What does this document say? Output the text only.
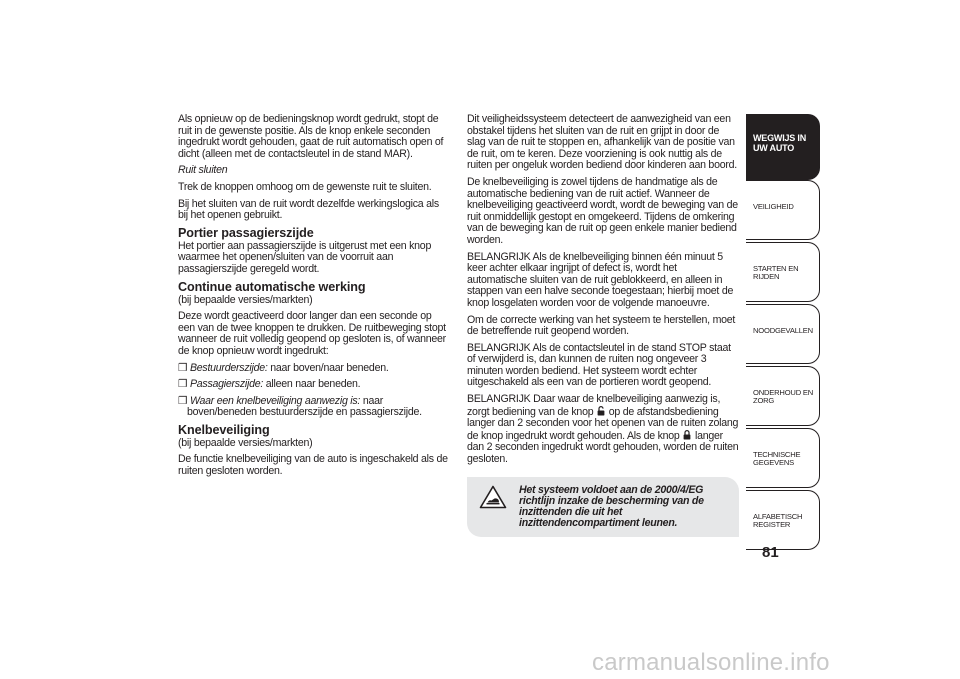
Als opnieuw op de bedieningsknop wordt gedrukt, stopt de ruit in de gewenste positie. Als de knop enkele seconden ingedrukt wordt gehouden, gaat de ruit automatisch open of dicht (alleen met de contactsleutel in de stand MAR).

Ruit sluiten

Trek de knoppen omhoog om de gewenste ruit te sluiten.

Bij het sluiten van de ruit wordt dezelfde werkingslogica als bij het openen gebruikt.

Portier passagierszijde

Het portier aan passagierszijde is uitgerust met een knop waarmee het openen/sluiten van de voorruit aan passagierszijde geregeld wordt.

Continue automatische werking

(bij bepaalde versies/markten)

Deze wordt geactiveerd door langer dan een seconde op een van de twee knoppen te drukken. De ruitbeweging stopt wanneer de ruit volledig geopend op gesloten is, of wanneer de knop opnieuw wordt ingedrukt:

❒ Bestuurderszijde: naar boven/naar beneden.

❒ Passagierszijde: alleen naar beneden.

❒ Waar een knelbeveiliging aanwezig is: naar boven/beneden bestuurderszijde en passagierszijde.

Knelbeveiliging

(bij bepaalde versies/markten)

De functie knelbeveiliging van de auto is ingeschakeld als de ruiten gesloten worden.

Dit veiligheidssysteem detecteert de aanwezigheid van een obstakel tijdens het sluiten van de ruit en grijpt in door de slag van de ruit te stoppen en, afhankelijk van de positie van de ruit, om te keren. Deze voorziening is ook nuttig als de ruiten per ongeluk worden bediend door kinderen aan boord.

De knelbeveiliging is zowel tijdens de handmatige als de automatische bediening van de ruit actief. Wanneer de knelbeveiliging geactiveerd wordt, wordt de beweging van de ruit onmiddellijk gestopt en omgekeerd. Tijdens de omkering van de beweging kan de ruit op geen enkele manier bediend worden.

BELANGRIJK Als de knelbeveiliging binnen één minuut 5 keer achter elkaar ingrijpt of defect is, wordt het automatische sluiten van de ruit geblokkeerd, en alleen in stappen van een halve seconde toegestaan; hierbij moet de knop losgelaten worden voor de volgende manoeuvre.

Om de correcte werking van het systeem te herstellen, moet de betreffende ruit geopend worden.

BELANGRIJK Als de contactsleutel in de stand STOP staat of verwijderd is, dan kunnen de ruiten nog ongeveer 3 minuten worden bediend. Het systeem wordt echter uitgeschakeld als een van de portieren wordt geopend.

BELANGRIJK Daar waar de knelbeveiliging aanwezig is, zorgt bediening van de knop op de afstandsbediening langer dan 2 seconden voor het openen van de ruiten zolang de knop ingedrukt wordt gehouden. Als de knop langer dan 2 seconden ingedrukt wordt gehouden, worden de ruiten gesloten.

Het systeem voldoet aan de 2000/4/EG richtlijn inzake de bescherming van de inzittenden die uit het inzittendencompartiment leunen.

WEGWIJS IN UW AUTO
VEILIGHEID
STARTEN EN RIJDEN
NOODGEVALLEN
ONDERHOUD EN ZORG
TECHNISCHE GEGEVENS
ALFABETISCH REGISTER
81
carmanualsonline.info
